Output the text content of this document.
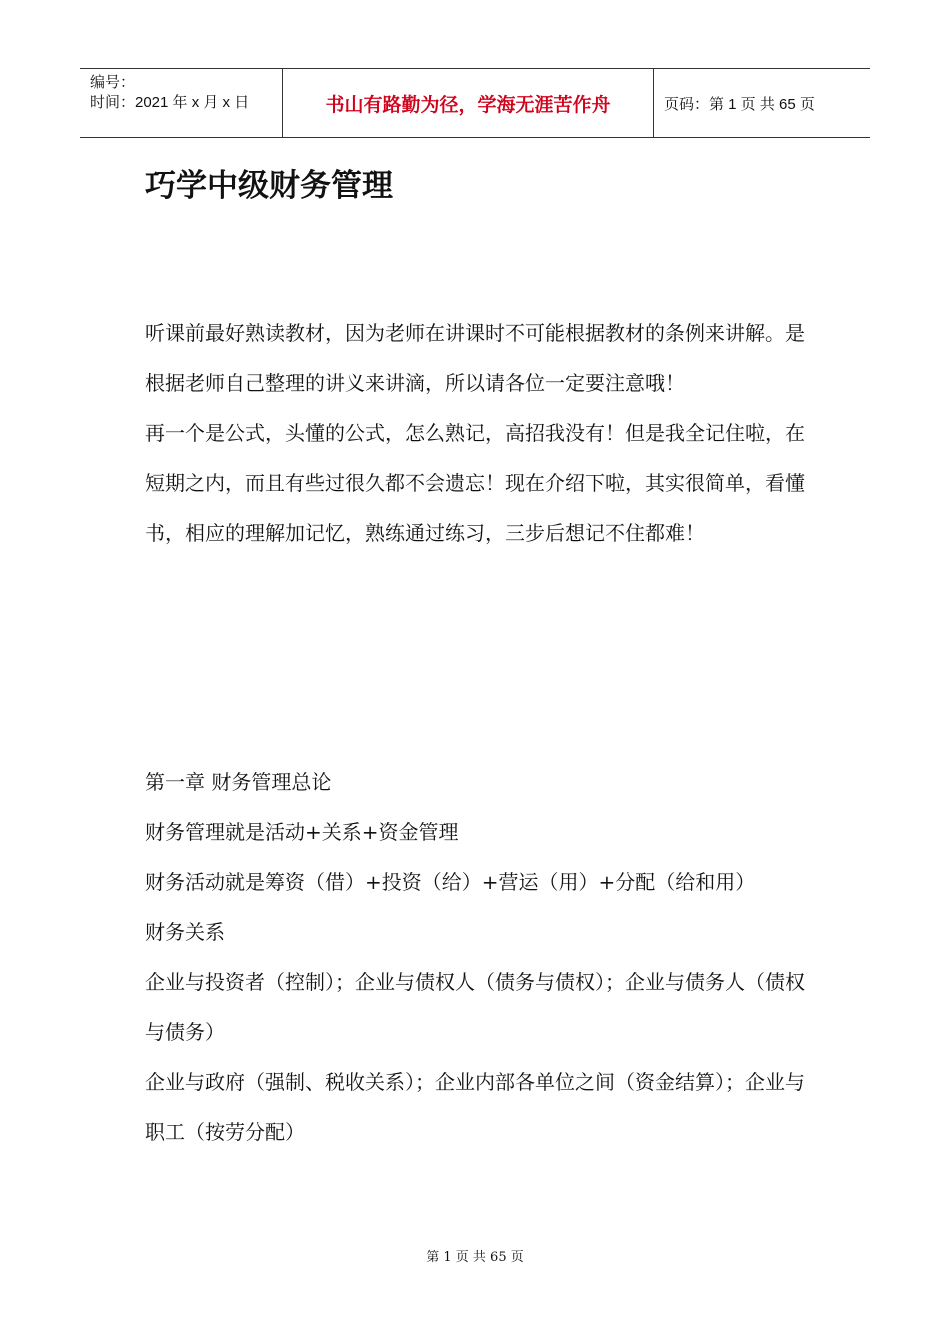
编号：
时间：2021 年 x 月 x 日	书山有路勤为径，学海无涯苦作舟	页码：第 1 页 共 65 页
巧学中级财务管理

听课前最好熟读教材，因为老师在讲课时不可能根据教材的条例来讲解。是根据老师自己整理的讲义来讲滴，所以请各位一定要注意哦！

再一个是公式，头懂的公式，怎么熟记，高招我没有！但是我全记住啦，在短期之内，而且有些过很久都不会遗忘！现在介绍下啦，其实很简单，看懂书，相应的理解加记忆，熟练通过练习，三步后想记不住都难！

第一章 财务管理总论

财务管理就是活动+关系+资金管理

财务活动就是筹资（借）+投资（给）+营运（用）+分配（给和用）

财务关系

企业与投资者（控制）；企业与债权人（债务与债权）；企业与债务人（债权与债务）

企业与政府（强制、税收关系）；企业内部各单位之间（资金结算）；企业与职工（按劳分配）

第 1 页 共 65 页
